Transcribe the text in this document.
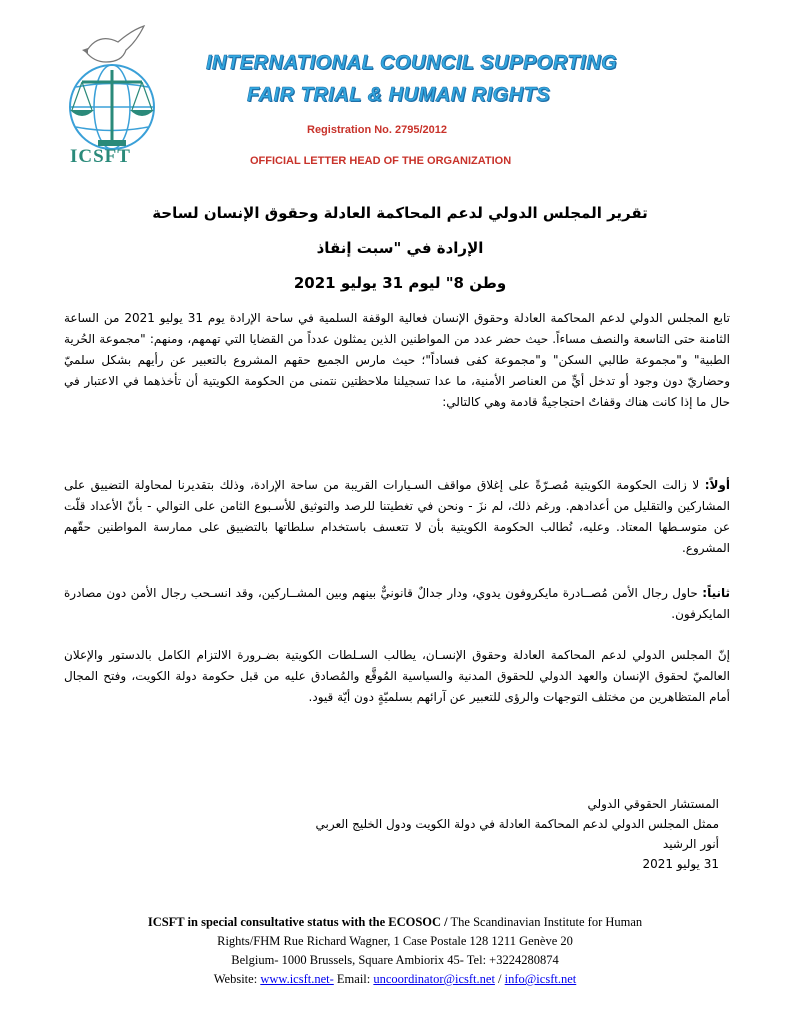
ICSFT
INTERNATIONAL COUNCIL SUPPORTING
FAIR TRIAL & HUMAN RIGHTS
Registration No. 2795/2012
OFFICIAL LETTER HEAD OF THE ORGANIZATION
تقرير المجلس الدولي لدعم المحاكمة العادلة وحقوق الإنسان لساحة الإرادة في "سبت إنقاذ
وطن 8" ليوم 31 يوليو 2021
تابع المجلس الدولي لدعم المحاكمة العادلة وحقوق الإنسان فعالية الوقفة السلمية في ساحة الإرادة يوم 31 يوليو 2021 من الساعة الثامنة حتى التاسعة والنصف مساءاً. حيث حضر عدد من المواطنين الذين يمثلون عدداً من القضايا التي تهمهم، ومنهم: "مجموعة الحُرية الطبية" و"مجموعة طالبي السكن" و"مجموعة كفى فساداً"؛ حيث مارس الجميع حقهم المشروع بالتعبير عن رأيهم بشكل سلميّ وحضاريّ دون وجود أو تدخل أيٍّ من العناصر الأمنية، ما عدا تسجيلنا ملاحظتين نتمنى من الحكومة الكويتية أن تأخذهما في الاعتبار في حال ما إذا كانت هناك وقفاتٌ احتجاجيةٌ قادمة وهي كالتالي:
أولاً: لا زالت الحكومة الكويتية مُصـرّةً على إغلاق مواقف السـيارات القريبة من ساحة الإرادة، وذلك بتقديرنا لمحاولة التضييق على المشاركين والتقليل من أعدادهم. ورغم ذلك، لم نزَ - ونحن في تغطيتنا للرصد والتوثيق للأسـبوع الثامن على التوالي - بأنّ الأعداد قلّت عن متوسـطها المعتاد. وعليه، نُطالب الحكومة الكويتية بأن لا تتعسف باستخدام سلطاتها بالتضييق على ممارسة المواطنين حقّهم المشروع.
ثانياً: حاول رجال الأمن مُصــادرة مايكروفون يدوي، ودار جدالٌ قانونيٌّ بينهم وبين المشــاركين، وقد انسـحب رجال الأمن دون مصادرة المايكرفون.
إنّ المجلس الدولي لدعم المحاكمة العادلة وحقوق الإنسـان، يطالب السـلطات الكويتية بضـرورة الالتزام الكامل بالدستور والإعلان العالميّ لحقوق الإنسان والعهد الدولي للحقوق المدنية والسياسية المُوقَّع والمُصادق عليه من قبل حكومة دولة الكويت، وفتح المجال أمام المتظاهرين من مختلف التوجهات والرؤى للتعبير عن آرائهم بسلميّةٍ دون أيّة قيود.
المستشار الحقوقي الدولي
ممثل المجلس الدولي لدعم المحاكمة العادلة في دولة الكويت ودول الخليج العربي
أنور الرشيد
31 يوليو 2021
ICSFT in special consultative status with the ECOSOC / The Scandinavian Institute for Human
Rights/FHM Rue Richard Wagner, 1 Case Postale 128 1211 Genève 20
Belgium- 1000 Brussels, Square Ambiorix 45- Tel: +3224280874
Website: www.icsft.net- Email: uncoordinator@icsft.net / info@icsft.net
